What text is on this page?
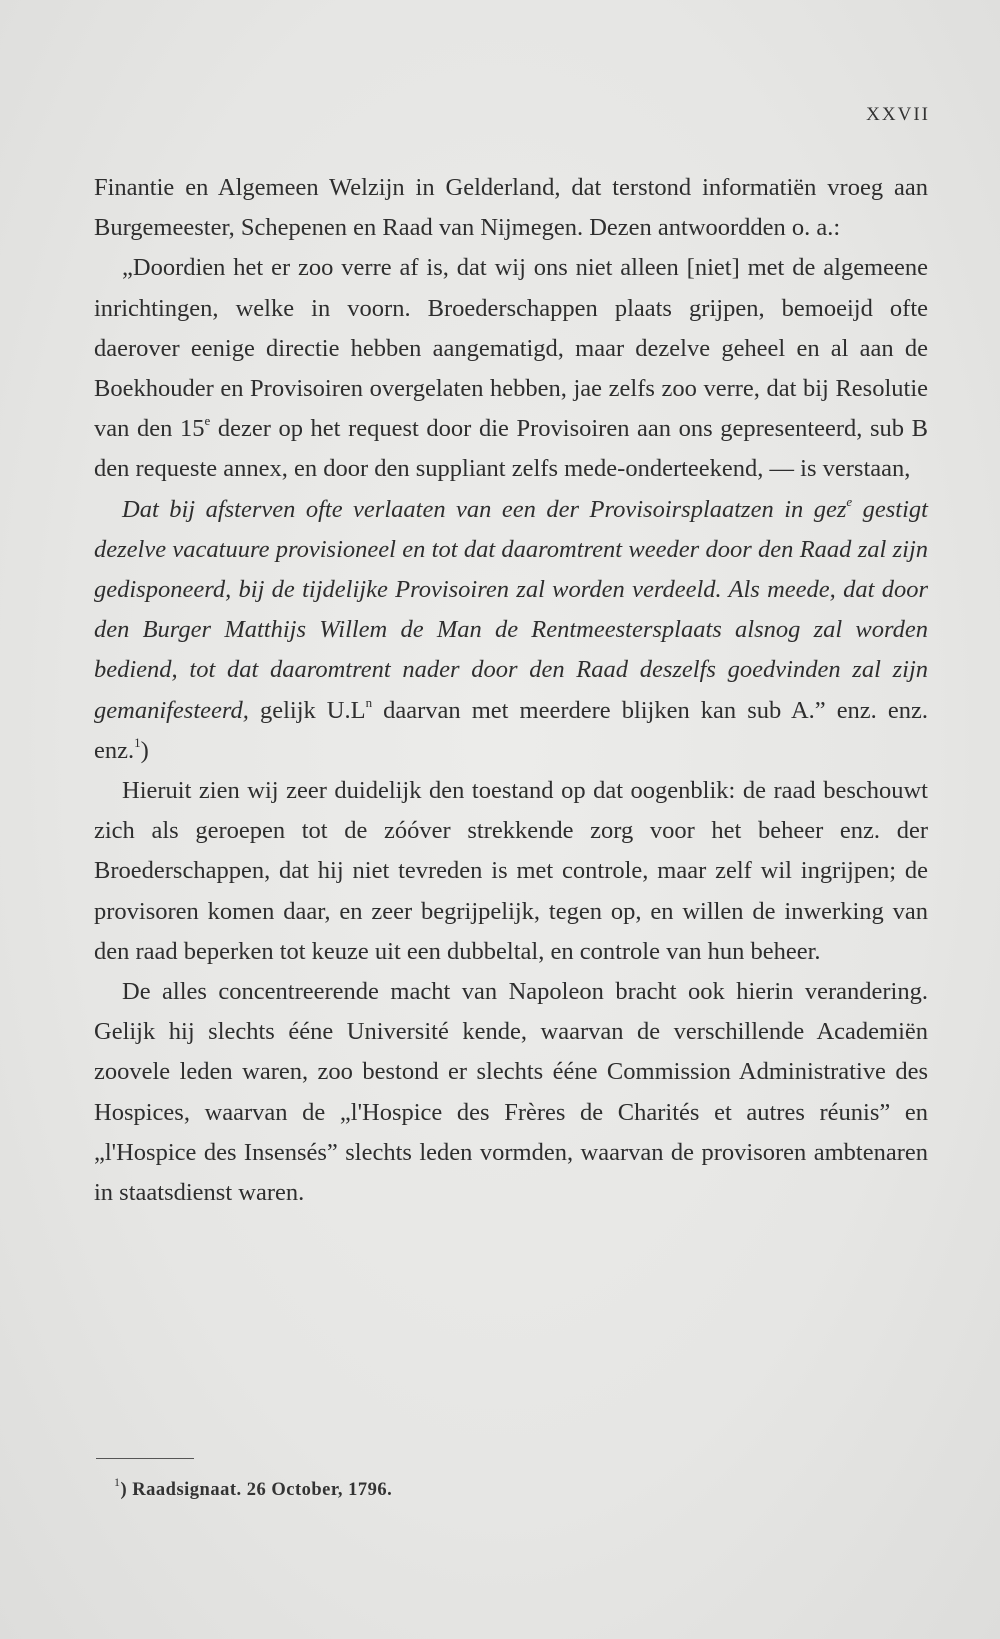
XXVII

Finantie en Algemeen Welzijn in Gelderland, dat terstond informatiën vroeg aan Burgemeester, Schepenen en Raad van Nijmegen. Dezen antwoordden o. a.:

„Doordien het er zoo verre af is, dat wij ons niet alleen [niet] met de algemeene inrichtingen, welke in voorn. Broederschappen plaats grijpen, bemoeijd ofte daerover eenige directie hebben aangematigd, maar dezelve geheel en al aan de Boekhouder en Provisoiren overgelaten hebben, jae zelfs zoo verre, dat bij Resolutie van den 15e dezer op het request door die Provisoiren aan ons gepresenteerd, sub B den requeste annex, en door den suppliant zelfs mede-onderteekend, — is verstaan,

Dat bij afsterven ofte verlaaten van een der Provisoirsplaatzen in gez$^e$ gestigt dezelve vacatuure provisioneel en tot dat daaromtrent weeder door den Raad zal zijn gedisponeerd, bij de tijdelijke Provisoiren zal worden verdeeld. Als meede, dat door den Burger Matthijs Willem de Man de Rentmeestersplaats alsnog zal worden bediend, tot dat daaromtrent nader door den Raad deszelfs goedvinden zal zijn gemanifesteerd, gelijk $U.L^n$ daarvan met meerdere blijken kan sub A.” enz. enz. enz.$^1$)

Hieruit zien wij zeer duidelijk den toestand op dat oogenblik: de raad beschouwt zich als geroepen tot de zóóver strekkende zorg voor het beheer enz. der Broederschappen, dat hij niet tevreden is met controle, maar zelf wil ingrijpen; de provisoren komen daar, en zeer begrijpelijk, tegen op, en willen de inwerking van den raad beperken tot keuze uit een dubbeltal, en controle van hun beheer.

De alles concentreerende macht van Napoleon bracht ook hierin verandering. Gelijk hij slechts ééne Université kende, waarvan de verschillende Academiën zoovele leden waren, zoo bestond er slechts ééne Commission Administrative des Hospices, waarvan de „l'Hospice des Frères de Charités et autres réunis” en „l'Hospice des Insensés” slechts leden vormden, waarvan de provisoren ambtenaren in staatsdienst waren.

$^1$) Raadsignaat. 26 October, 1796.
